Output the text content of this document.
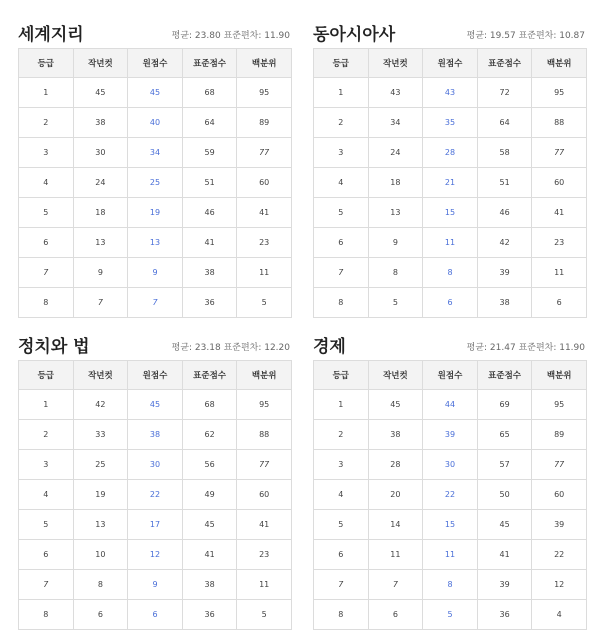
세계지리	평균: 23.80 표준편차: 11.90
등급	작년컷	원점수	표준점수	백분위
1	45	45	68	95
2	38	40	64	89
3	30	34	59	77
4	24	25	51	60
5	18	19	46	41
6	13	13	41	23
7	9	9	38	11
8	7	7	36	5
동아시아사	평균: 19.57 표준편차: 10.87
등급	작년컷	원점수	표준점수	백분위
1	43	43	72	95
2	34	35	64	88
3	24	28	58	77
4	18	21	51	60
5	13	15	46	41
6	9	11	42	23
7	8	8	39	11
8	5	6	38	6
정치와 법	평균: 23.18 표준편차: 12.20
등급	작년컷	원점수	표준점수	백분위
1	42	45	68	95
2	33	38	62	88
3	25	30	56	77
4	19	22	49	60
5	13	17	45	41
6	10	12	41	23
7	8	9	38	11
8	6	6	36	5
경제	평균: 21.47 표준편차: 11.90
등급	작년컷	원점수	표준점수	백분위
1	45	44	69	95
2	38	39	65	89
3	28	30	57	77
4	20	22	50	60
5	14	15	45	39
6	11	11	41	22
7	7	8	39	12
8	6	5	36	4
